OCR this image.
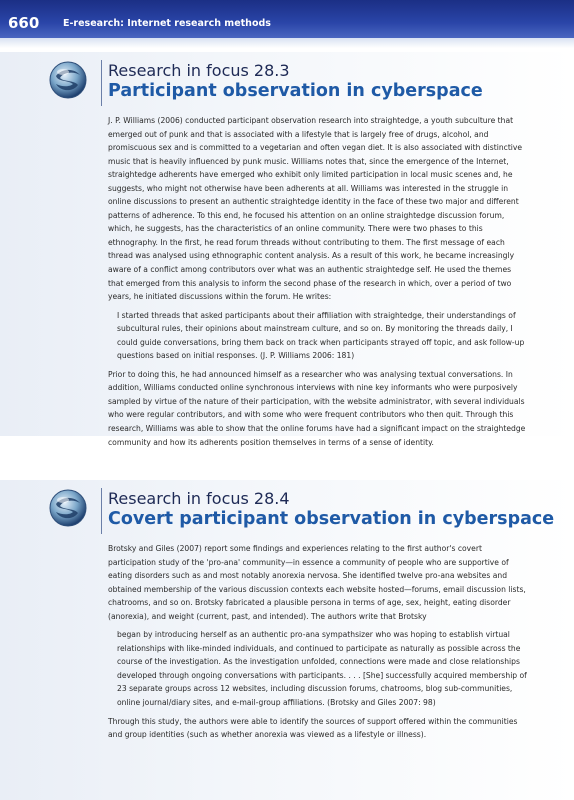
660 E-research: Internet research methods
Research in focus 28.3
Participant observation in cyberspace

J. P. Williams (2006) conducted participant observation research into straightedge, a youth subculture that emerged out of punk and that is associated with a lifestyle that is largely free of drugs, alcohol, and promiscuous sex and is committed to a vegetarian and often vegan diet. It is also associated with distinctive music that is heavily influenced by punk music. Williams notes that, since the emergence of the Internet, straightedge adherents have emerged who exhibit only limited participation in local music scenes and, he suggests, who might not otherwise have been adherents at all. Williams was interested in the struggle in online discussions to present an authentic straightedge identity in the face of these two major and different patterns of adherence. To this end, he focused his attention on an online straightedge discussion forum, which, he suggests, has the characteristics of an online community. There were two phases to this ethnography. In the first, he read forum threads without contributing to them. The first message of each thread was analysed using ethnographic content analysis. As a result of this work, he became increasingly aware of a conflict among contributors over what was an authentic straightedge self. He used the themes that emerged from this analysis to inform the second phase of the research in which, over a period of two years, he initiated discussions within the forum. He writes:

I started threads that asked participants about their affiliation with straightedge, their understandings of subcultural rules, their opinions about mainstream culture, and so on. By monitoring the threads daily, I could guide conversations, bring them back on track when participants strayed off topic, and ask follow-up questions based on initial responses. (J. P. Williams 2006: 181)

Prior to doing this, he had announced himself as a researcher who was analysing textual conversations. In addition, Williams conducted online synchronous interviews with nine key informants who were purposively sampled by virtue of the nature of their participation, with the website administrator, with several individuals who were regular contributors, and with some who were frequent contributors who then quit. Through this research, Williams was able to show that the online forums have had a significant impact on the straightedge community and how its adherents position themselves in terms of a sense of identity.

Research in focus 28.4
Covert participant observation in cyberspace

Brotsky and Giles (2007) report some findings and experiences relating to the first author's covert participation study of the 'pro-ana' community—in essence a community of people who are supportive of eating disorders such as and most notably anorexia nervosa. She identified twelve pro-ana websites and obtained membership of the various discussion contexts each website hosted—forums, email discussion lists, chatrooms, and so on. Brotsky fabricated a plausible persona in terms of age, sex, height, eating disorder (anorexia), and weight (current, past, and intended). The authors write that Brotsky

began by introducing herself as an authentic pro-ana sympathsizer who was hoping to establish virtual relationships with like-minded individuals, and continued to participate as naturally as possible across the course of the investigation. As the investigation unfolded, connections were made and close relationships developed through ongoing conversations with participants. . . . [She] successfully acquired membership of 23 separate groups across 12 websites, including discussion forums, chatrooms, blog sub-communities, online journal/diary sites, and e-mail-group affiliations. (Brotsky and Giles 2007: 98)

Through this study, the authors were able to identify the sources of support offered within the communities and group identities (such as whether anorexia was viewed as a lifestyle or illness).
